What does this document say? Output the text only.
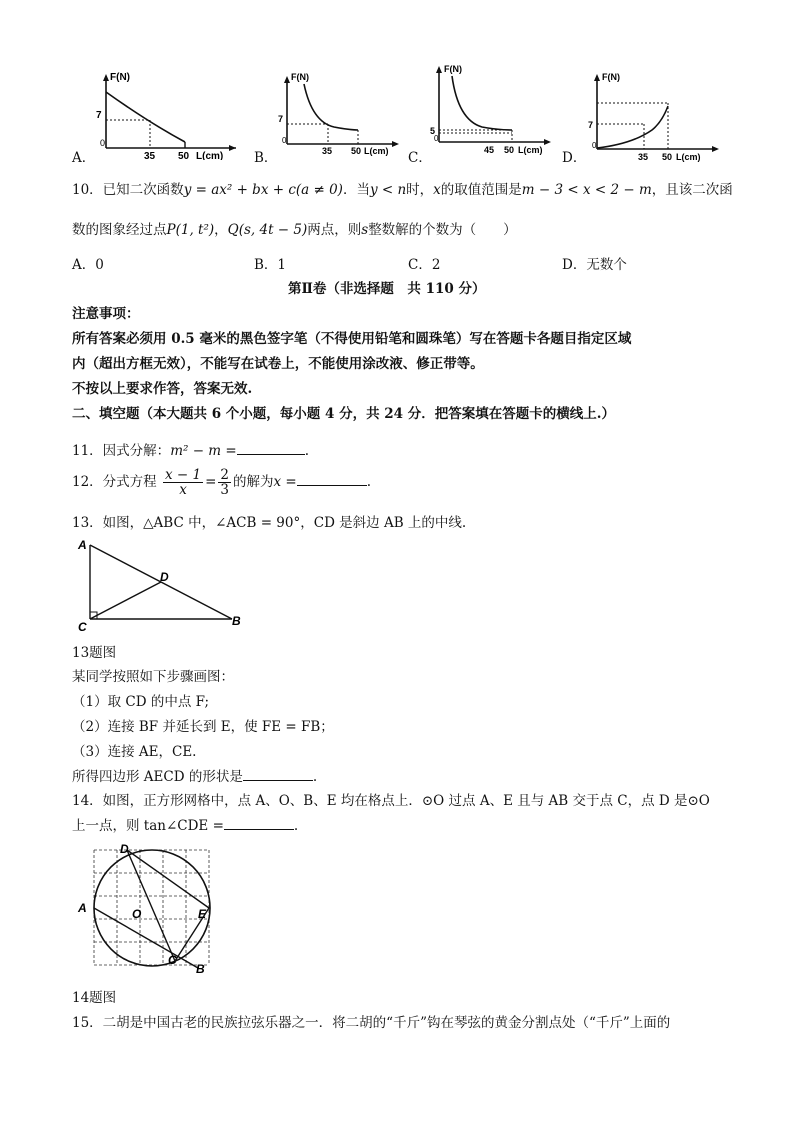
A．
F(N)
7
0
35 50 L(cm) B．
F(N)
7
0
35 50 L(cm) C．
F(N)
5
0
45 50 L(cm) D．
F(N)
7
0
35 50 L(cm)
10．已知二次函数y = ax² + bx + c(a ≠ 0)．当y < n时，x的取值范围是m − 3 < x < 2 − m，且该二次函
数的图象经过点P(1, t²)，Q(s, 4t − 5)两点，则s整数解的个数为（　　）
A．0	B．1	C．2	D．无数个
第Ⅱ卷（非选择题　共 110 分）
注意事项：
所有答案必须用 0.5 毫米的黑色签字笔（不得使用铅笔和圆珠笔）写在答题卡各题目指定区域
内（超出方框无效），不能写在试卷上，不能使用涂改液、修正带等。
不按以上要求作答，答案无效.
二、填空题（本大题共 6 个小题，每小题 4 分，共 24 分．把答案填在答题卡的横线上.）
11．因式分解：m² − m =	.
12．分式方程 $\frac{x - 1}{x} = \frac{2}{3}$ 的解为x =	.
13．如图，△ABC 中，∠ACB = 90°，CD 是斜边 AB 上的中线.
A
B
C
D
13题图
某同学按照如下步骤画图：
（1）取 CD 的中点 F;
（2）连接 BF 并延长到 E，使 FE = FB；
（3）连接 AE，CE.
所得四边形 AECD 的形状是	.
14．如图，正方形网格中，点 A、O、B、E 均在格点上．⊙O 过点 A、E 且与 AB 交于点 C，点 D 是⊙O
上一点，则 tan∠CDE =	.
A
B
C
D
E
O
14题图
15．二胡是中国古老的民族拉弦乐器之一．将二胡的“千斤”钩在琴弦的黄金分割点处（“千斤”上面的
